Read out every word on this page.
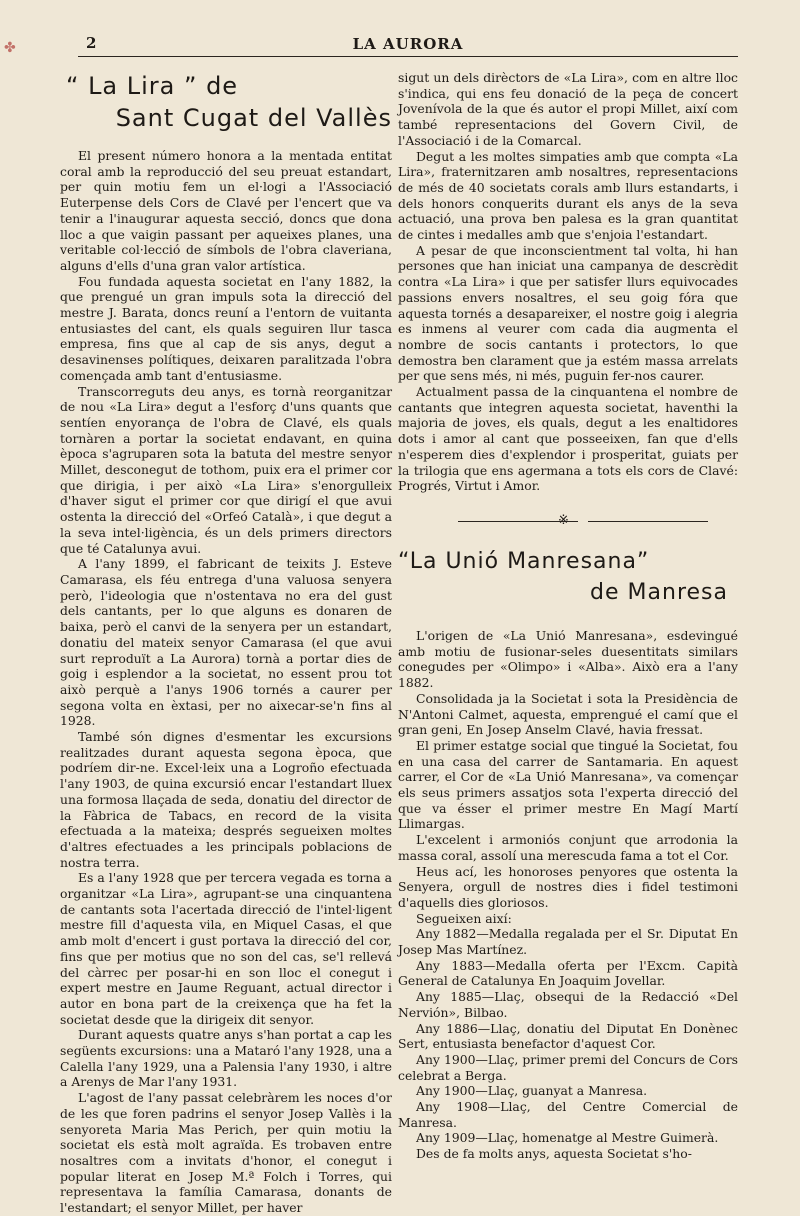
✤	2	LA AURORA
“ La Lira ” de
Sant Cugat del Vallès

El present número honora a la mentada entitat coral amb la reproducció del seu preuat estandart, per quin motiu fem un el·logi a l'Associació Euterpense dels Cors de Clavé per l'encert que va tenir a l'inaugurar aquesta secció, doncs que dona lloc a que vaigin passant per aqueixes planes, una veritable col·lecció de símbols de l'obra claveriana, alguns d'ells d'una gran valor artística.

Fou fundada aquesta societat en l'any 1882, la que prengué un gran impuls sota la direcció del mestre J. Barata, doncs reuní a l'entorn de vuitanta entusiastes del cant, els quals seguiren llur tasca empresa, fins que al cap de sis anys, degut a desavinenses polítiques, deixaren paralitzada l'obra començada amb tant d'entusiasme.

Transcorreguts deu anys, es tornà reorganitzar de nou «La Lira» degut a l'esforç d'uns quants que sentíen enyorança de l'obra de Clavé, els quals tornàren a portar la societat endavant, en quina època s'agruparen sota la batuta del mestre senyor Millet, desconegut de tothom, puix era el primer cor que dirigia, i per això «La Lira» s'enorgulleix d'haver sigut el primer cor que dirigí el que avui ostenta la direcció del «Orfeó Català», i que degut a la seva intel·ligència, és un dels primers directors que té Catalunya avui.

A l'any 1899, el fabricant de teixits J. Esteve Camarasa, els féu entrega d'una valuosa senyera però, l'ideologia que n'ostentava no era del gust dels cantants, per lo que alguns es donaren de baixa, però el canvi de la senyera per un estandart, donatiu del mateix senyor Camarasa (el que avui surt reproduït a La Aurora) tornà a portar dies de goig i esplendor a la societat, no essent prou tot això perquè a l'anys 1906 tornés a caurer per segona volta en èxtasi, per no aixecar-se'n fins al 1928.

També són dignes d'esmentar les excursions realitzades durant aquesta segona època, que podríem dir-ne. Excel·leix una a Logroño efectuada l'any 1903, de quina excursió encar l'estandart lluex una formosa llaçada de seda, donatiu del director de la Fàbrica de Tabacs, en record de la visita efectuada a la mateixa; després segueixen moltes d'altres efectuades a les principals poblacions de nostra terra.

Es a l'any 1928 que per tercera vegada es torna a organitzar «La Lira», agrupant-se una cinquantena de cantants sota l'acertada direcció de l'intel·ligent mestre fill d'aquesta vila, en Miquel Casas, el que amb molt d'encert i gust portava la direcció del cor, fins que per motius que no son del cas, se'l rellevá del càrrec per posar-hi en son lloc el conegut i expert mestre en Jaume Reguant, actual director i autor en bona part de la creixença que ha fet la societat desde que la dirigeix dit senyor.

Durant aquests quatre anys s'han portat a cap les següents excursions: una a Mataró l'any 1928, una a Calella l'any 1929, una a Palensia l'any 1930, i altre a Arenys de Mar l'any 1931.

L'agost de l'any passat celebràrem les noces d'or de les que foren padrins el senyor Josep Vallès i la senyoreta Maria Mas Perich, per quin motiu la societat els està molt agraïda. Es trobaven entre nosaltres com a invitats d'honor, el conegut i popular literat en Josep M.ª Folch i Torres, qui representava la família Camarasa, donants de l'estandart; el senyor Millet, per haver

sigut un dels dirèctors de «La Lira», com en altre lloc s'indica, qui ens feu donació de la peça de concert Jovenívola de la que és autor el propi Millet, així com també representacions del Govern Civil, de l'Associació i de la Comarcal.

Degut a les moltes simpaties amb que compta «La Lira», fraternitzaren amb nosaltres, representacions de més de 40 societats corals amb llurs estandarts, i dels honors conquerits durant els anys de la seva actuació, una prova ben palesa es la gran quantitat de cintes i medalles amb que s'enjoia l'estandart.

A pesar de que inconscientment tal volta, hi han persones que han iniciat una campanya de descrèdit contra «La Lira» i que per satisfer llurs equivocades passions envers nosaltres, el seu goig fóra que aquesta tornés a desapareixer, el nostre goig i alegria es inmens al veurer com cada dia augmenta el nombre de socis cantants i protectors, lo que demostra ben clarament que ja estém massa arrelats per que sens més, ni més, puguin fer-nos caurer.

Actualment passa de la cinquantena el nombre de cantants que integren aquesta societat, haventhi la majoria de joves, els quals, degut a les enaltidores dots i amor al cant que posseeixen, fan que d'ells n'esperem dies d'explendor i prosperitat, guiats per la trilogia que ens agermana a tots els cors de Clavé: Progrés, Virtut i Amor.

※
“La Unió Manresana”
de Manresa

L'origen de «La Unió Manresana», esdevingué amb motiu de fusionar-seles duesentitats similars conegudes per «Olimpo» i «Alba». Això era a l'any 1882.

Consolidada ja la Societat i sota la Presidència de N'Antoni Calmet, aquesta, emprengué el camí que el gran geni, En Josep Anselm Clavé, havia fressat.

El primer estatge social que tingué la Societat, fou en una casa del carrer de Santamaria. En aquest carrer, el Cor de «La Unió Manresana», va començar els seus primers assatjos sota l'experta direcció del que va ésser el primer mestre En Magí Martí Llimargas.

L'excelent i armoniós conjunt que arrodonia la massa coral, assolí una merescuda fama a tot el Cor.

Heus ací, les honoroses penyores que ostenta la Senyera, orgull de nostres dies i fidel testimoni d'aquells dies gloriosos.

Segueixen així:

Any 1882—Medalla regalada per el Sr. Diputat En Josep Mas Martínez.

Any 1883—Medalla oferta per l'Excm. Capità General de Catalunya En Joaquim Jovellar.

Any 1885—Llaç, obsequi de la Redacció «Del Nervión», Bilbao.

Any 1886—Llaç, donatiu del Diputat En Donènec Sert, entusiasta benefactor d'aquest Cor.

Any 1900—Llaç, primer premi del Concurs de Cors celebrat a Berga.

Any 1900—Llaç, guanyat a Manresa.

Any 1908—Llaç, del Centre Comercial de Manresa.

Any 1909—Llaç, homenatge al Mestre Guimerà.

Des de fa molts anys, aquesta Societat s'ho-
